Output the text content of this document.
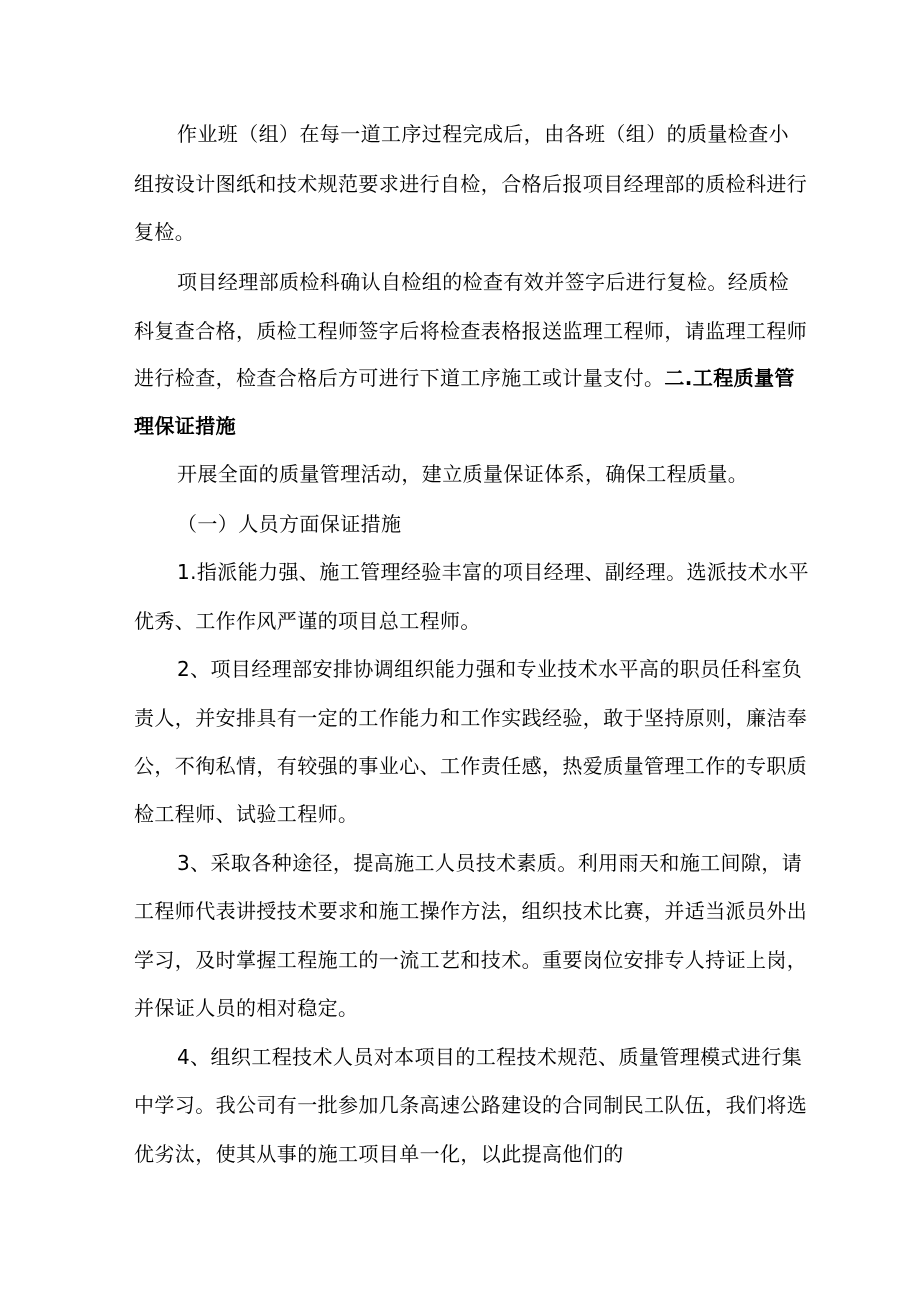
作业班（组）在每一道工序过程完成后，由各班（组）的质量检查小
组按设计图纸和技术规范要求进行自检，合格后报项目经理部的质检科进行
复检。
项目经理部质检科确认自检组的检查有效并签字后进行复检。经质检
科复查合格，质检工程师签字后将检查表格报送监理工程师，请监理工程师
进行检查，检查合格后方可进行下道工序施工或计量支付。二.工程质量管
理保证措施
开展全面的质量管理活动，建立质量保证体系，确保工程质量。
（一）人员方面保证措施
1.指派能力强、施工管理经验丰富的项目经理、副经理。选派技术水平
优秀、工作作风严谨的项目总工程师。
2、项目经理部安排协调组织能力强和专业技术水平高的职员任科室负
责人，并安排具有一定的工作能力和工作实践经验，敢于坚持原则，廉洁奉
公，不徇私情，有较强的事业心、工作责任感，热爱质量管理工作的专职质
检工程师、试验工程师。
3、采取各种途径，提高施工人员技术素质。利用雨天和施工间隙，请
工程师代表讲授技术要求和施工操作方法，组织技术比赛，并适当派员外出
学习，及时掌握工程施工的一流工艺和技术。重要岗位安排专人持证上岗，
并保证人员的相对稳定。
4、组织工程技术人员对本项目的工程技术规范、质量管理模式进行集
中学习。我公司有一批参加几条高速公路建设的合同制民工队伍，我们将选
优劣汰，使其从事的施工项目单一化，以此提高他们的
